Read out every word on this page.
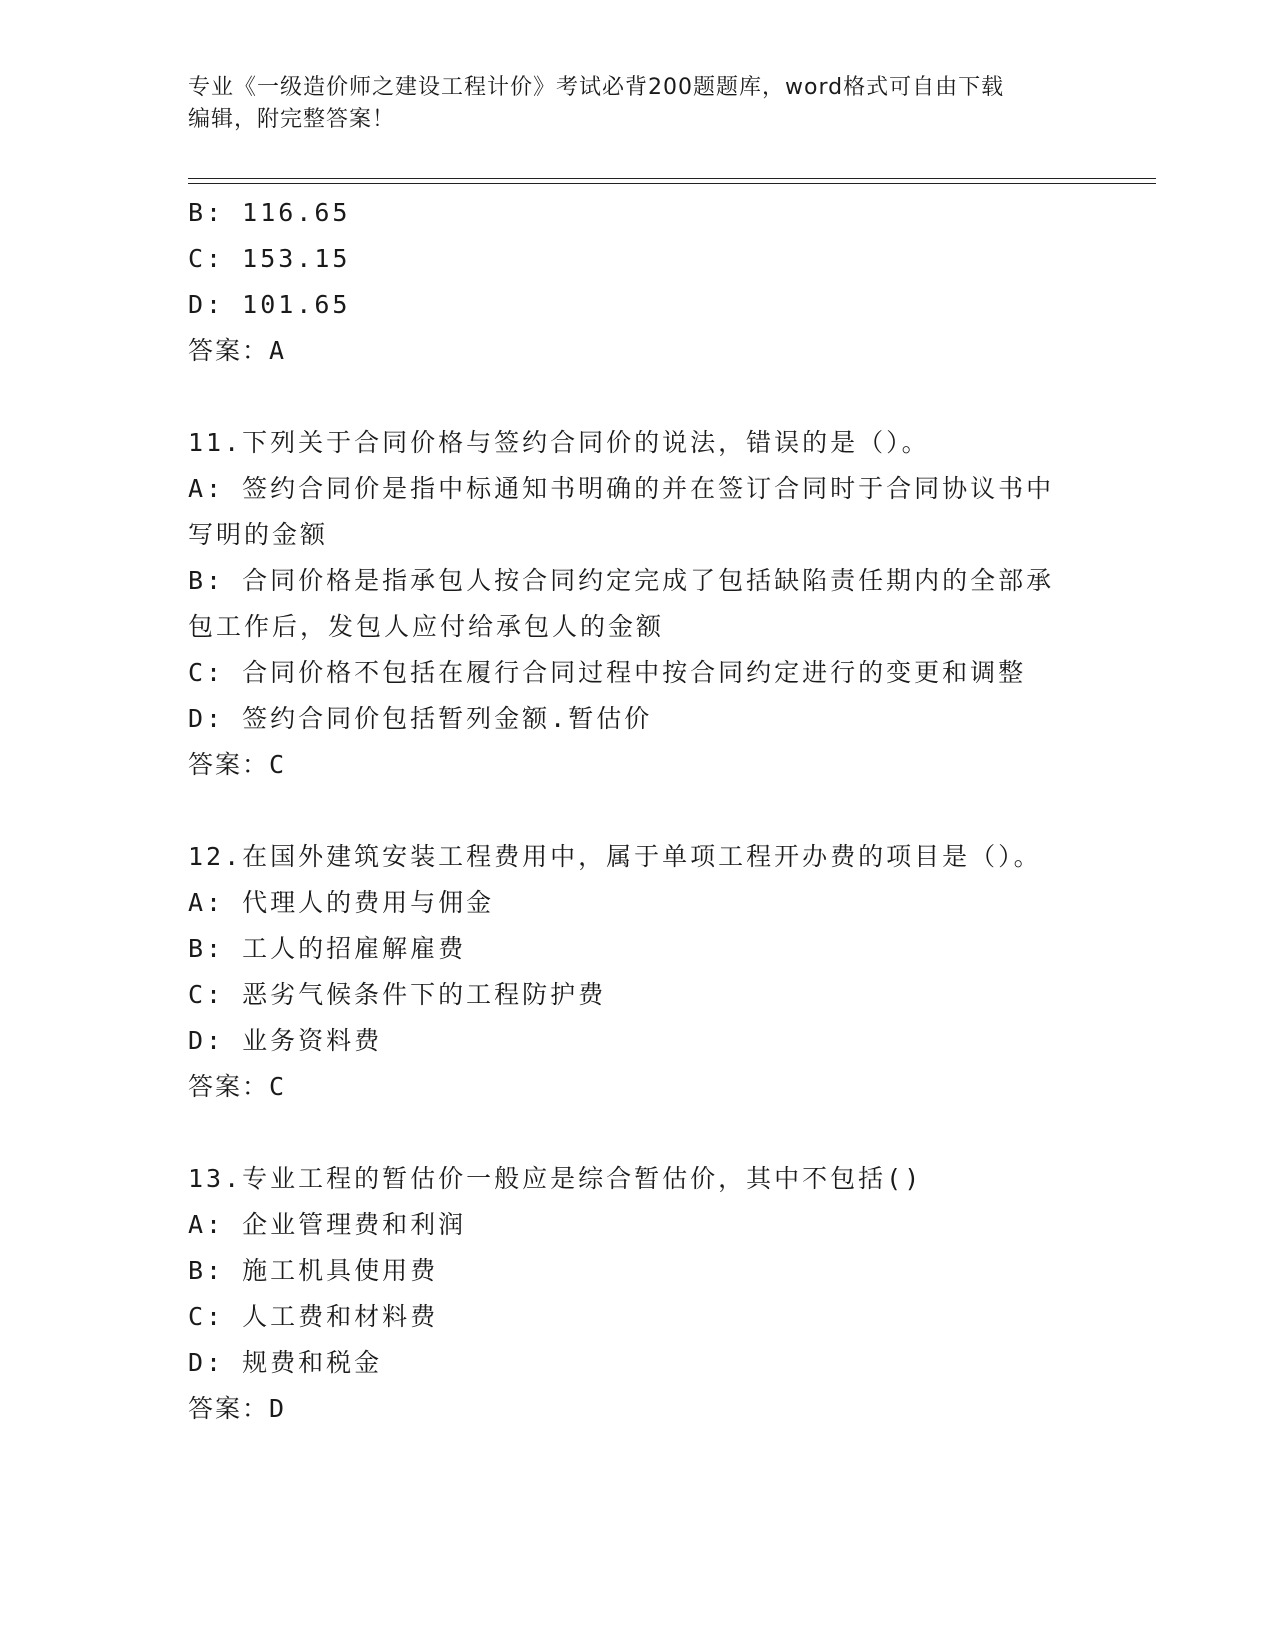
专业《一级造价师之建设工程计价》考试必背200题题库，word格式可自由下载
编辑，附完整答案！
B: 116.65
C: 153.15
D: 101.65
答案：A
11.下列关于合同价格与签约合同价的说法，错误的是（）。
A: 签约合同价是指中标通知书明确的并在签订合同时于合同协议书中写明的金额
B: 合同价格是指承包人按合同约定完成了包括缺陷责任期内的全部承包工作后，发包人应付给承包人的金额
C: 合同价格不包括在履行合同过程中按合同约定进行的变更和调整
D: 签约合同价包括暂列金额.暂估价
答案：C
12.在国外建筑安装工程费用中，属于单项工程开办费的项目是（）。
A: 代理人的费用与佣金
B: 工人的招雇解雇费
C: 恶劣气候条件下的工程防护费
D: 业务资料费
答案：C
13.专业工程的暂估价一般应是综合暂估价，其中不包括()
A: 企业管理费和利润
B: 施工机具使用费
C: 人工费和材料费
D: 规费和税金
答案：D
